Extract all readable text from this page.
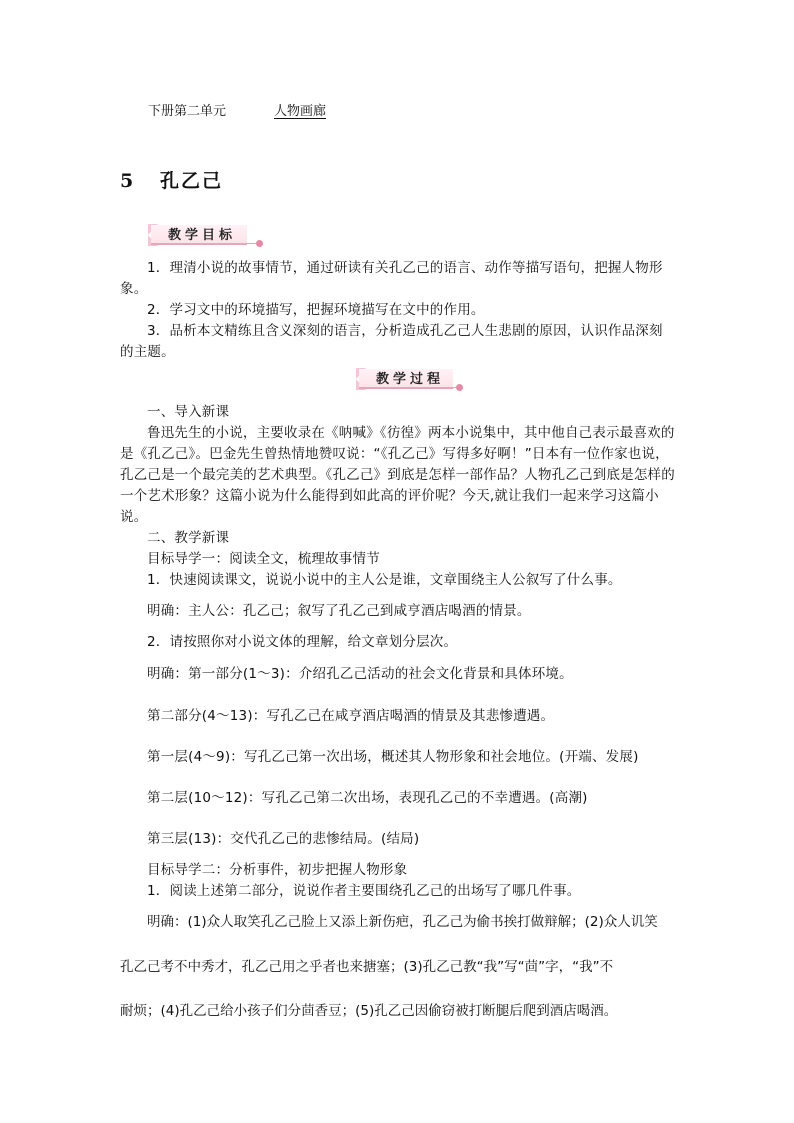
下册第二单元	人物画廊
5 孔乙己
教学目标
1．理清小说的故事情节，通过研读有关孔乙己的语言、动作等描写语句，把握人物形象。
2．学习文中的环境描写，把握环境描写在文中的作用。
3．品析本文精练且含义深刻的语言，分析造成孔乙己人生悲剧的原因，认识作品深刻的主题。
教学过程
一、导入新课
鲁迅先生的小说，主要收录在《呐喊》《彷徨》两本小说集中，其中他自己表示最喜欢的是《孔乙己》。巴金先生曾热情地赞叹说：“《孔乙己》写得多好啊！”日本有一位作家也说，孔乙己是一个最完美的艺术典型。《孔乙己》到底是怎样一部作品？人物孔乙己到底是怎样的一个艺术形象？这篇小说为什么能得到如此高的评价呢？今天,就让我们一起来学习这篇小说。
二、教学新课
目标导学一：阅读全文，梳理故事情节
1．快速阅读课文，说说小说中的主人公是谁，文章围绕主人公叙写了什么事。
明确：主人公：孔乙己；叙写了孔乙己到咸亨酒店喝酒的情景。
2．请按照你对小说文体的理解，给文章划分层次。
明确：第一部分(1～3)：介绍孔乙己活动的社会文化背景和具体环境。
第二部分(4～13)：写孔乙己在咸亨酒店喝酒的情景及其悲惨遭遇。
第一层(4～9)：写孔乙己第一次出场，概述其人物形象和社会地位。(开端、发展)
第二层(10～12)：写孔乙己第二次出场，表现孔乙己的不幸遭遇。(高潮)
第三层(13)：交代孔乙己的悲惨结局。(结局)
目标导学二：分析事件，初步把握人物形象
1．阅读上述第二部分，说说作者主要围绕孔乙己的出场写了哪几件事。
明确：(1)众人取笑孔乙己脸上又添上新伤疤，孔乙己为偷书挨打做辩解；(2)众人讥笑
孔乙己考不中秀才，孔乙己用之乎者也来搪塞；(3)孔乙己教“我”写“茴”字，“我”不
耐烦；(4)孔乙己给小孩子们分茴香豆；(5)孔乙己因偷窃被打断腿后爬到酒店喝酒。
